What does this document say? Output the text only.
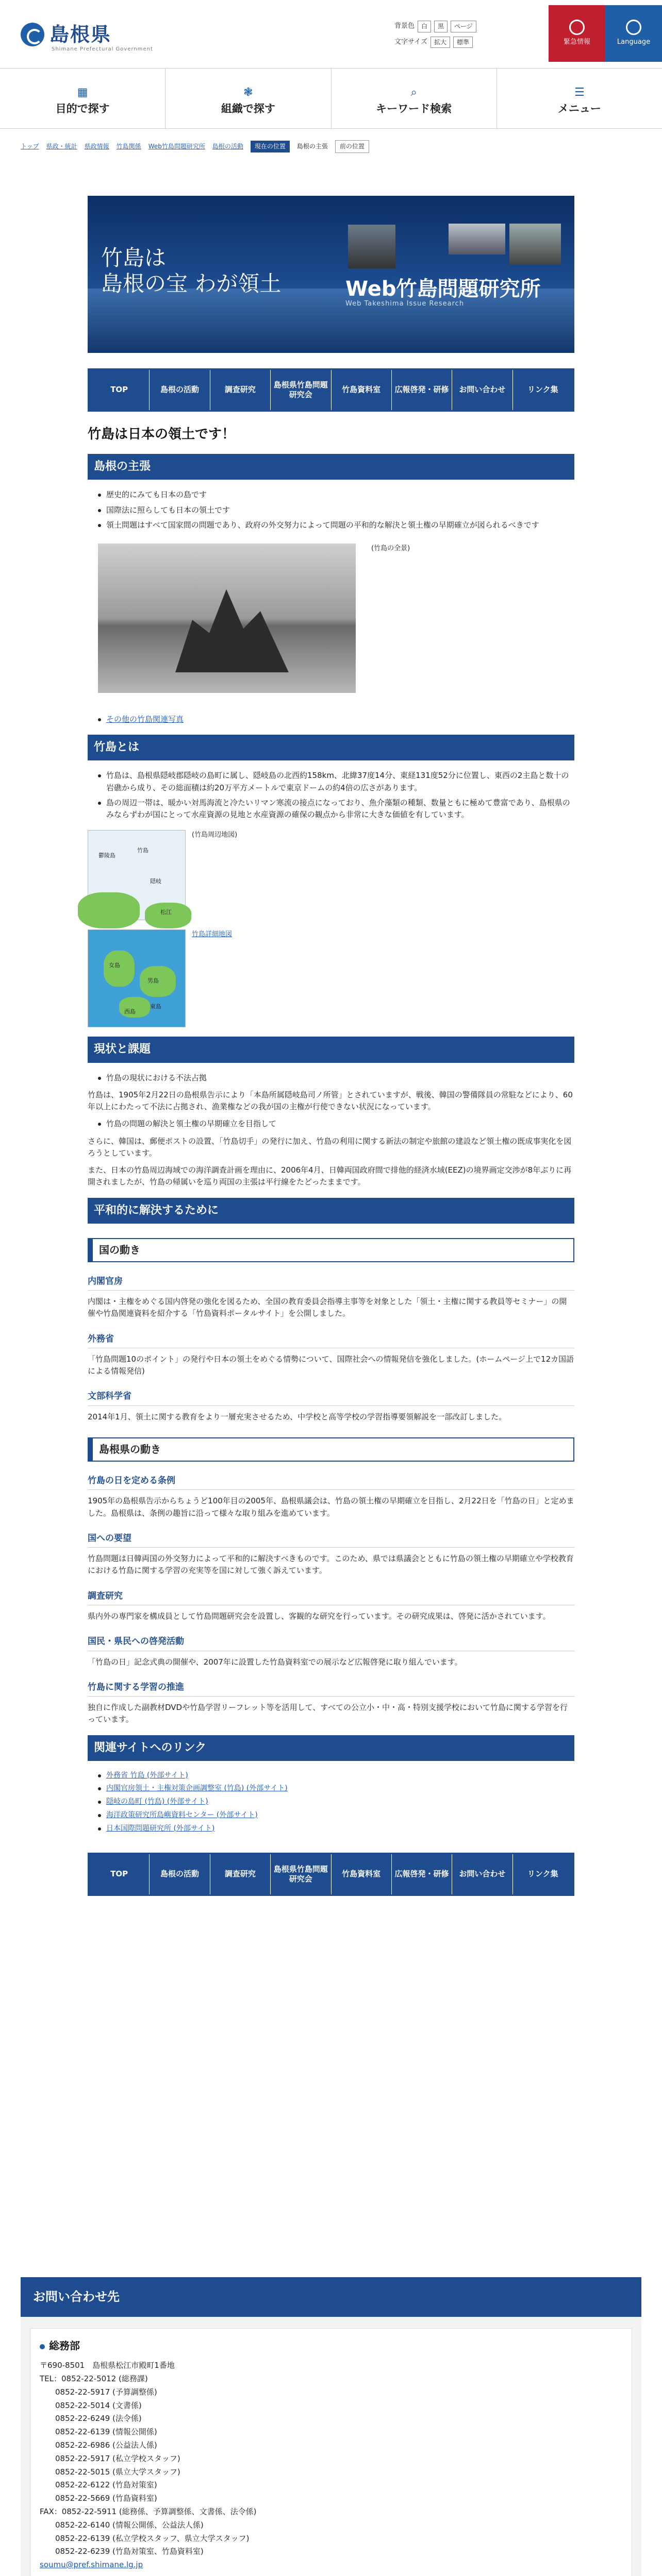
島根県
Shimane Prefectural Government
背景色	白	黒	ページ
文字サイズ	拡大	標準	緊急情報	Language
▦
目的で探す
❃
組織で探す
⌕
キーワード検索
☰
メニュー
トップ 県政・統計 県政情報 竹島関係 Web竹島問題研究所 島根の活動	現在の位置	島根の主張	前の位置
竹島は
島根の宝 わが領土	Web竹島問題研究所
Web Takeshima Issue Research
TOP	島根の活動	調査研究
島根県竹島問題研究会
竹島資料室	広報啓発・研修	お問い合わせ	リンク集
竹島は日本の領土です！
島根の主張
歴史的にみても日本の島です
国際法に照らしても日本の領土です
領土問題はすべて国家間の問題であり、政府の外交努力によって問題の平和的な解決と領土権の早期確立が図られるべきです
(竹島の全景)
その他の竹島関連写真
竹島とは
竹島は、島根県隠岐郡隠岐の島町に属し、隠岐島の北西約158km、北緯37度14分、東経131度52分に位置し、東西の2主島と数十の岩礁から成り、その総面積は約20万平方メートルで東京ドームの約4倍の広さがあります。
島の周辺一帯は、暖かい対馬海流と冷たいリマン寒流の接点になっており、魚介藻類の種類、数量ともに極めて豊富であり、島根県のみならずわが国にとって水産資源の見地と水産資源の確保の観点から非常に大きな価値を有しています。
竹島
隠岐
松江
鬱陵島
(竹島周辺地図)
女島
男島
東島
西島
竹島詳細地図
現状と課題
竹島の現状における不法占拠

竹島は、1905年2月22日の島根県告示により「本島所属隠岐島司ノ所管」とされていますが、戦後、韓国の警備隊員の常駐などにより、60年以上にわたって不法に占拠され、漁業権などの我が国の主権が行使できない状況になっています。

竹島の問題の解決と領土権の早期確立を目指して

さらに、韓国は、郵便ポストの設置、「竹島切手」の発行に加え、竹島の利用に関する新法の制定や旅館の建設など領土権の既成事実化を図ろうとしています。

また、日本の竹島周辺海域での海洋調査計画を理由に、2006年4月、日韓両国政府間で排他的経済水域(EEZ)の境界画定交渉が8年ぶりに再開されましたが、竹島の帰属いを巡り両国の主張は平行線をたどったままです。

平和的に解決するために
国の動き
内閣官房

内閣は・主権をめぐる国内啓発の強化を図るため、全国の教育委員会指導主事等を対象とした「領土・主権に関する教員等セミナー」の開催や竹島関連資料を紹介する「竹島資料ポータルサイト」を公開しました。

外務省

「竹島問題10のポイント」の発行や日本の領土をめぐる情勢について、国際社会への情報発信を強化しました。(ホームページ上で12カ国語による情報発信)

文部科学省

2014年1月、領土に関する教育をより一層充実させるため、中学校と高等学校の学習指導要領解説を一部改訂しました。

島根県の動き
竹島の日を定める条例

1905年の島根県告示からちょうど100年目の2005年、島根県議会は、竹島の領土権の早期確立を目指し、2月22日を「竹島の日」と定めました。島根県は、条例の趣旨に沿って様々な取り組みを進めています。

国への要望

竹島問題は日韓両国の外交努力によって平和的に解決すべきものです。このため、県では県議会とともに竹島の領土権の早期確立や学校教育における竹島に関する学習の充実等を国に対して強く訴えています。

調査研究

県内外の専門家を構成員として竹島問題研究会を設置し、客観的な研究を行っています。その研究成果は、啓発に活かされています。

国民・県民への啓発活動

「竹島の日」記念式典の開催や、2007年に設置した竹島資料室での展示など広報啓発に取り組んでいます。

竹島に関する学習の推進

独自に作成した副教材DVDや竹島学習リーフレット等を活用して、すべての公立小・中・高・特別支援学校において竹島に関する学習を行っています。

関連サイトへのリンク
外務省 竹島 (外部サイト)
内閣官房領土・主権対策企画調整室 (竹島) (外部サイト)
隠岐の島町 (竹島) (外部サイト)
海洋政策研究所島嶼資料センター (外部サイト)
日本国際問題研究所 (外部サイト)
TOP	島根の活動	調査研究
島根県竹島問題研究会
竹島資料室	広報啓発・研修	お問い合わせ	リンク集
お問い合わせ先
総務部
〒690-8501　島根県松江市殿町1番地
TEL：0852-22-5012 (総務課)
　　0852-22-5917 (予算調整係)
　　0852-22-5014 (文書係)
　　0852-22-6249 (法令係)
　　0852-22-6139 (情報公開係)
　　0852-22-6986 (公益法人係)
　　0852-22-5917 (私立学校スタッフ)
　　0852-22-5015 (県立大学スタッフ)
　　0852-22-6122 (竹島対策室)
　　0852-22-5669 (竹島資料室)
FAX：0852-22-5911 (総務係、予算調整係、文書係、法令係)
　　0852-22-6140 (情報公開係、公益法人係)
　　0852-22-6139 (私立学校スタッフ、県立大学スタッフ)
　　0852-22-6239 (竹島対策室、竹島資料室)
soumu@pref.shimane.lg.jp
